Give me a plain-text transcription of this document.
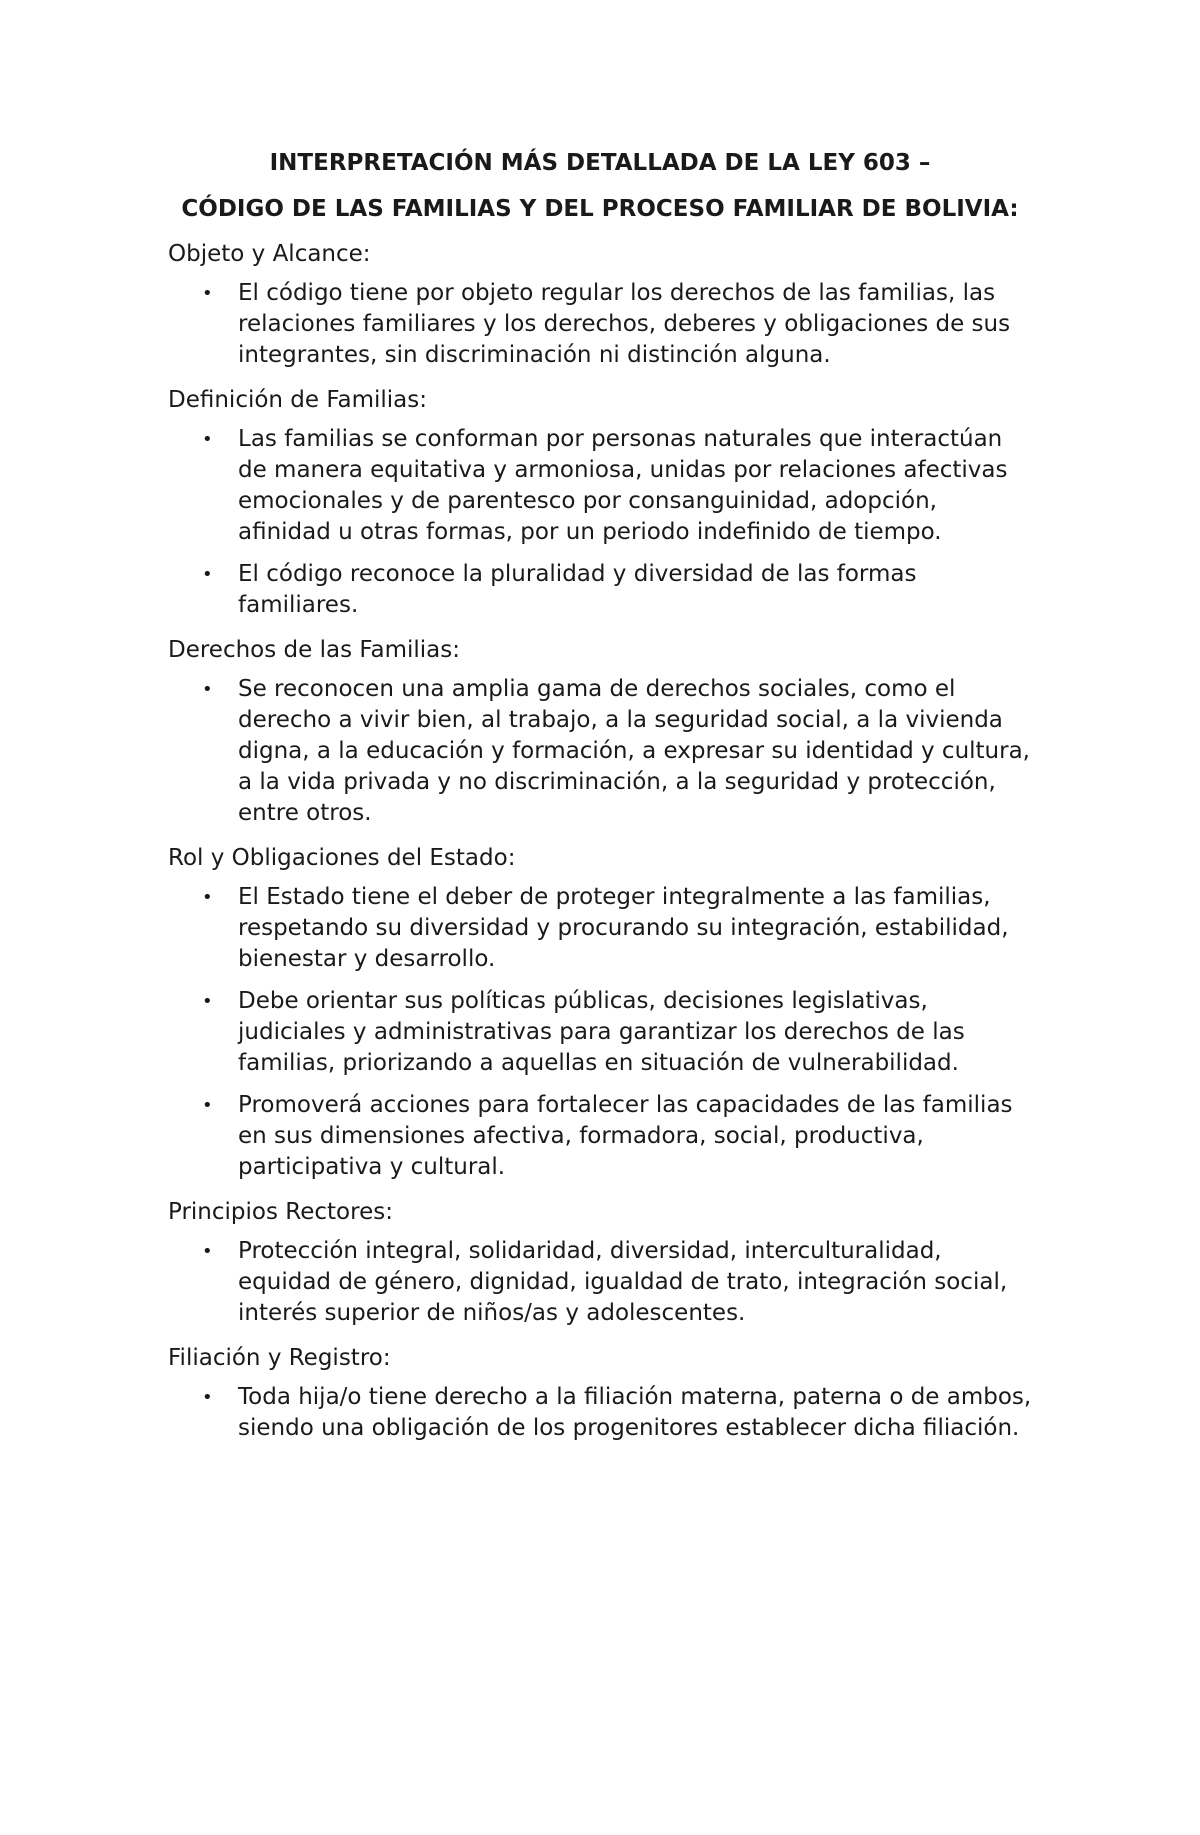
INTERPRETACIÓN MÁS DETALLADA DE LA LEY 603 –
CÓDIGO DE LAS FAMILIAS Y DEL PROCESO FAMILIAR DE BOLIVIA:

Objeto y Alcance:

• El código tiene por objeto regular los derechos de las familias, las relaciones familiares y los derechos, deberes y obligaciones de sus integrantes, sin discriminación ni distinción alguna.

Definición de Familias:

• Las familias se conforman por personas naturales que interactúan de manera equitativa y armoniosa, unidas por relaciones afectivas emocionales y de parentesco por consanguinidad, adopción, afinidad u otras formas, por un periodo indefinido de tiempo.
• El código reconoce la pluralidad y diversidad de las formas familiares.

Derechos de las Familias:

• Se reconocen una amplia gama de derechos sociales, como el derecho a vivir bien, al trabajo, a la seguridad social, a la vivienda digna, a la educación y formación, a expresar su identidad y cultura, a la vida privada y no discriminación, a la seguridad y protección, entre otros.

Rol y Obligaciones del Estado:

• El Estado tiene el deber de proteger integralmente a las familias, respetando su diversidad y procurando su integración, estabilidad, bienestar y desarrollo.
• Debe orientar sus políticas públicas, decisiones legislativas, judiciales y administrativas para garantizar los derechos de las familias, priorizando a aquellas en situación de vulnerabilidad.
• Promoverá acciones para fortalecer las capacidades de las familias en sus dimensiones afectiva, formadora, social, productiva, participativa y cultural.

Principios Rectores:

• Protección integral, solidaridad, diversidad, interculturalidad, equidad de género, dignidad, igualdad de trato, integración social, interés superior de niños/as y adolescentes.

Filiación y Registro:

• Toda hija/o tiene derecho a la filiación materna, paterna o de ambos, siendo una obligación de los progenitores establecer dicha filiación.
